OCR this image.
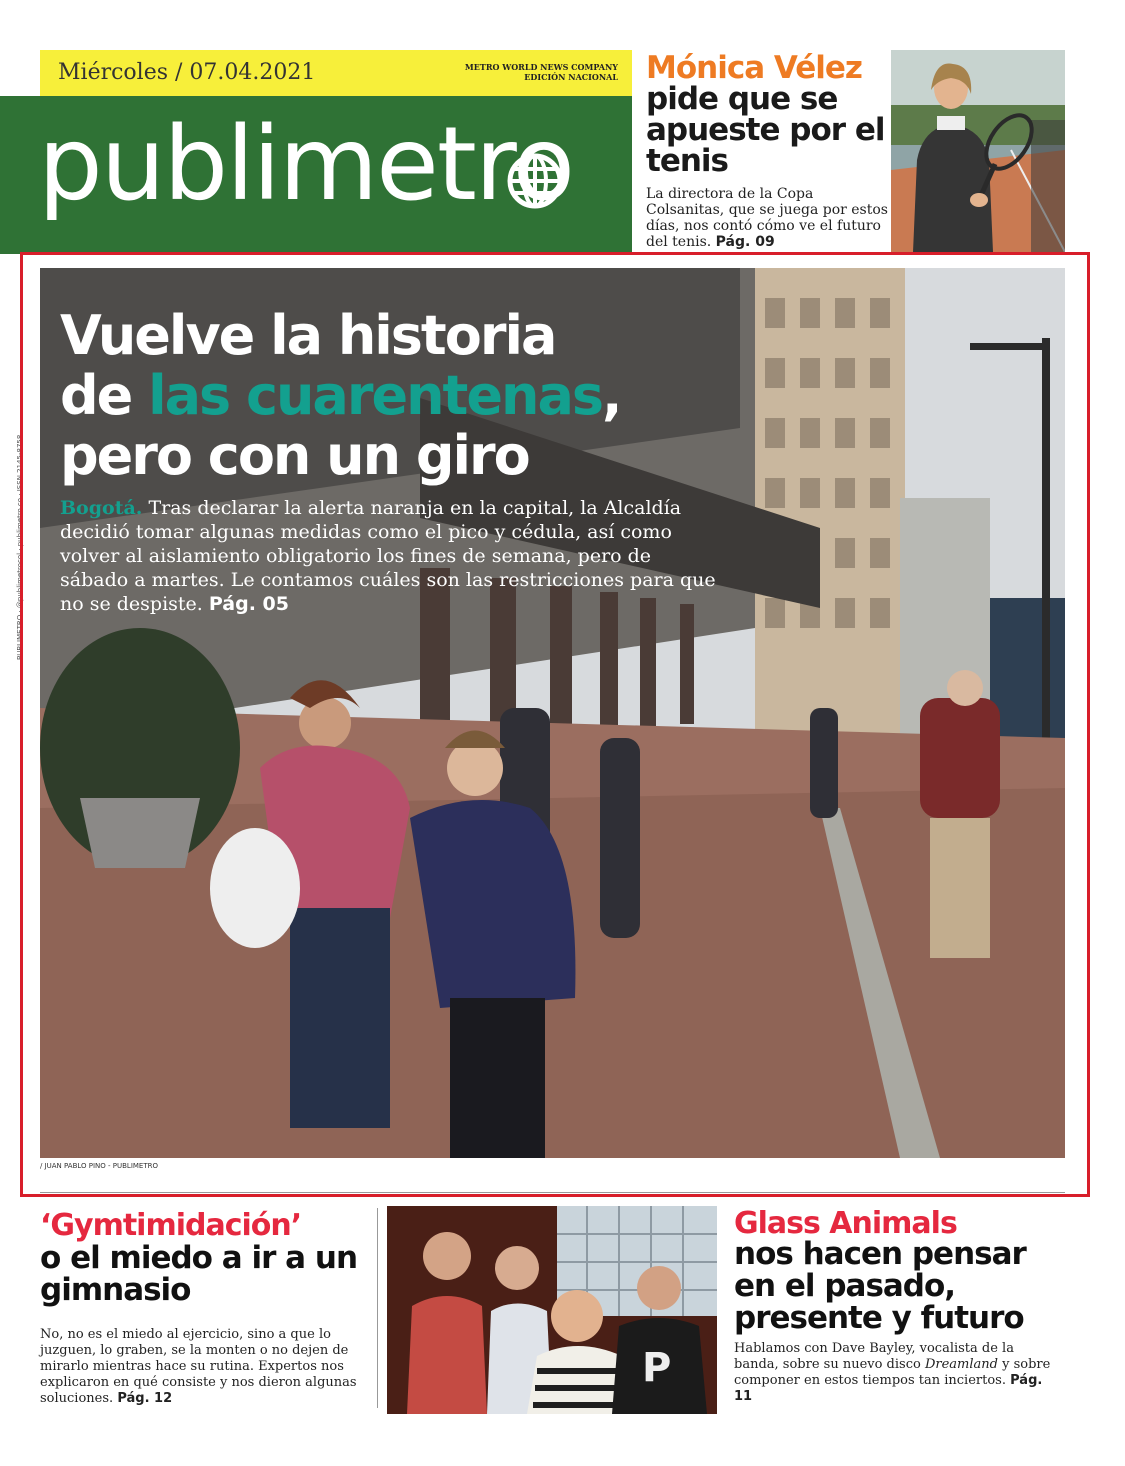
Miércoles / 07.04.2021	METRO WORLD NEWS COMPANY
EDICIÓN NACIONAL
publimetro
Mónica Vélez
pide que se apueste por el tenis
La directora de la Copa Colsanitas, que se juega por estos días, nos contó cómo ve el futuro del tenis. Pág. 09
PUBLIMETRO · @publimetrocol · publimetro.co · ISSN 2145-8758
Vuelve la historia
de las cuarentenas,
pero con un giro

Bogotá. Tras declarar la alerta naranja en la capital, la Alcaldía decidió tomar algunas medidas como el pico y cédula, así como volver al aislamiento obligatorio los fines de semana, pero de sábado a martes. Le contamos cuáles son las restricciones para que no se despiste. Pág. 05

/ JUAN PABLO PINO - PUBLIMETRO
‘Gymtimidación’
o el miedo a ir a un gimnasio
No, no es el miedo al ejercicio, sino a que lo juzguen, lo graben, se la monten o no dejen de mirarlo mientras hace su rutina. Expertos nos explicaron en qué consiste y nos dieron algunas soluciones. Pág. 12
P
Glass Animals
nos hacen pensar en el pasado, presente y futuro
Hablamos con Dave Bayley, vocalista de la banda, sobre su nuevo disco Dreamland y sobre componer en estos tiempos tan inciertos. Pág. 11
